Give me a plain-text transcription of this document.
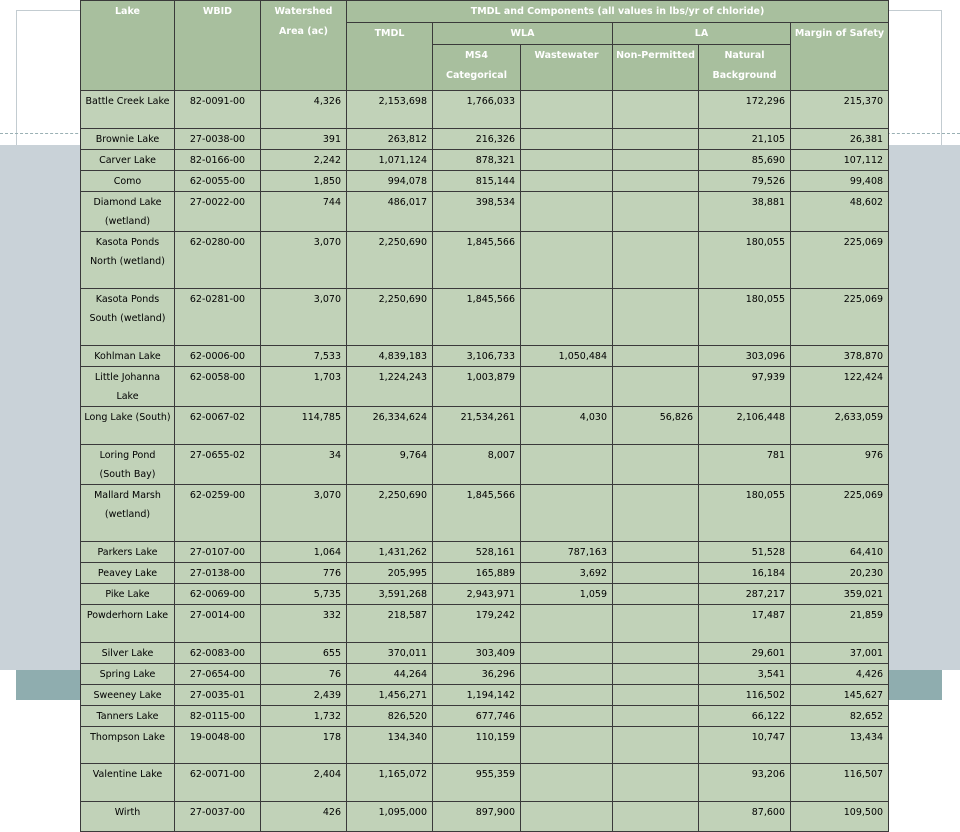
Lake	WBID	Watershed Area (ac)	TMDL and Components (all values in lbs/yr of chloride)					
			TMDL	WLA		LA		Margin of Safety
				MS4 Categorical	Wastewater	Non-Permitted	Natural Background	
Battle Creek Lake	82-0091-00	4,326	2,153,698	1,766,033			172,296	215,370
Brownie Lake	27-0038-00	391	263,812	216,326			21,105	26,381
Carver Lake	82-0166-00	2,242	1,071,124	878,321			85,690	107,112
Como	62-0055-00	1,850	994,078	815,144			79,526	99,408
Diamond Lake (wetland)	27-0022-00	744	486,017	398,534			38,881	48,602
Kasota Ponds North (wetland)	62-0280-00	3,070	2,250,690	1,845,566			180,055	225,069
Kasota Ponds South (wetland)	62-0281-00	3,070	2,250,690	1,845,566			180,055	225,069
Kohlman Lake	62-0006-00	7,533	4,839,183	3,106,733	1,050,484		303,096	378,870
Little Johanna Lake	62-0058-00	1,703	1,224,243	1,003,879			97,939	122,424
Long Lake (South)	62-0067-02	114,785	26,334,624	21,534,261	4,030	56,826	2,106,448	2,633,059
Loring Pond (South Bay)	27-0655-02	34	9,764	8,007			781	976
Mallard Marsh (wetland)	62-0259-00	3,070	2,250,690	1,845,566			180,055	225,069
Parkers Lake	27-0107-00	1,064	1,431,262	528,161	787,163		51,528	64,410
Peavey Lake	27-0138-00	776	205,995	165,889	3,692		16,184	20,230
Pike Lake	62-0069-00	5,735	3,591,268	2,943,971	1,059		287,217	359,021
Powderhorn Lake	27-0014-00	332	218,587	179,242			17,487	21,859
Silver Lake	62-0083-00	655	370,011	303,409			29,601	37,001
Spring Lake	27-0654-00	76	44,264	36,296			3,541	4,426
Sweeney Lake	27-0035-01	2,439	1,456,271	1,194,142			116,502	145,627
Tanners Lake	82-0115-00	1,732	826,520	677,746			66,122	82,652
Thompson Lake	19-0048-00	178	134,340	110,159			10,747	13,434
Valentine Lake	62-0071-00	2,404	1,165,072	955,359			93,206	116,507
Wirth	27-0037-00	426	1,095,000	897,900			87,600	109,500
